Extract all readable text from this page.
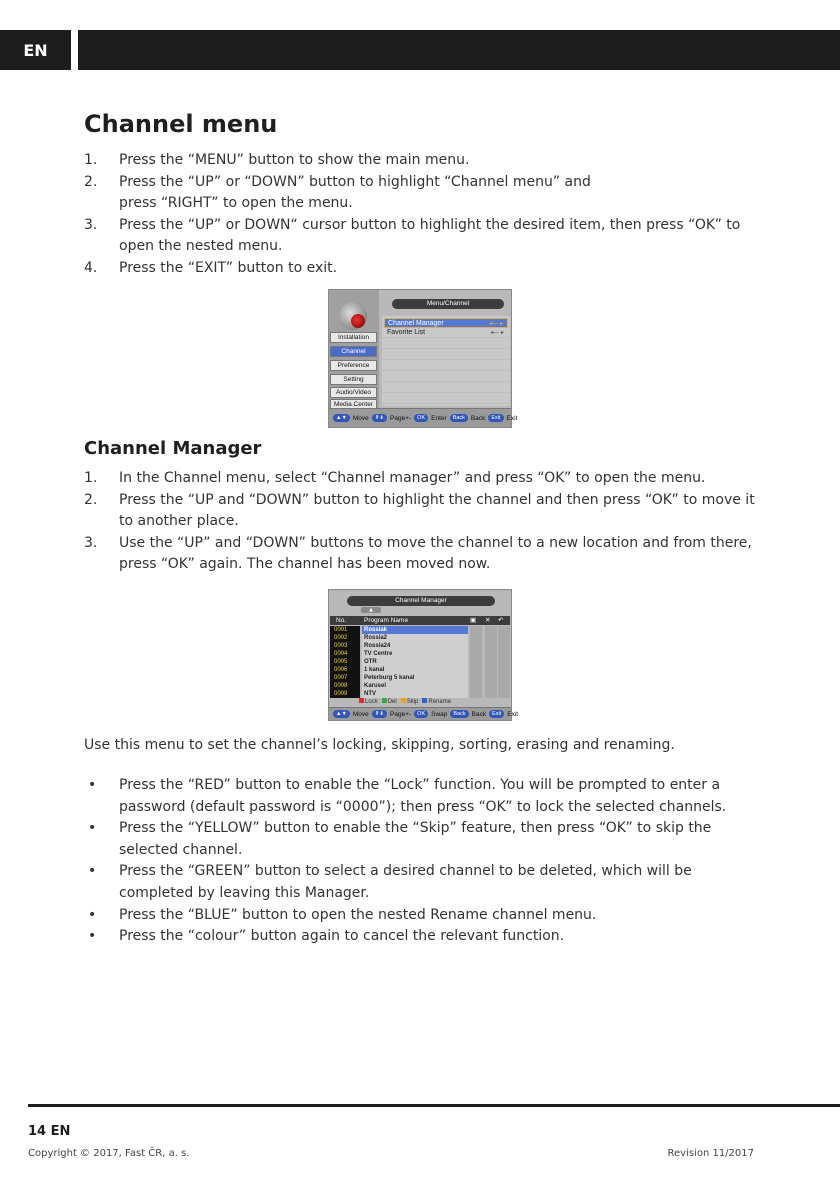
EN
Channel menu
1.	Press the “MENU” button to show the main menu.
2.	Press the “UP” or “DOWN” button to highlight “Channel menu” and press “RIGHT” to open the menu.
3.	Press the “UP” or DOWN“ cursor button to highlight the desired item, then press “OK” to open the nested menu.
4.	Press the “EXIT” button to exit.
Installation
Channel
Preference
Setting
Audio/Video
Media Center
Menu/Channel
Channel Manager	◂— ▸
Favorite List	◂— ▸
▲▼ Move	⇞⇟ Page+-	OK Enter	Back Back	Exit Exit
Channel Manager
1.	In the Channel menu, select “Channel manager” and press “OK” to open the menu.
2.	Press the “UP and “DOWN” button to highlight the channel and then press “OK” to move it to another place.
3.	Use the “UP” and “DOWN” buttons to move the channel to a new location and from there, press “OK” again. The channel has been moved now.
Channel Manager
▲
No.	Program Name	▣ ✕ ↶
0001	Rossiak
0002	Rossia2
0003	Rossia24
0004	TV Centre
0005	OTR
0006	1 kanal
0007	Peterburg 5 kanal
0008	Karusel
0009	NTV
Lock	Del	Skip	Rename
▲▼ Move	⇞⇟ Page+-	OK Swap	Back Back	Exit Exit
Use this menu to set the channel’s locking, skipping, sorting, erasing and renaming.
•	Press the “RED” button to enable the “Lock” function. You will be prompted to enter a password (default password is “0000”); then press “OK” to lock the selected channels.
•	Press the “YELLOW” button to enable the “Skip” feature, then press “OK” to skip the selected channel.
•	Press the “GREEN” button to select a desired channel to be deleted, which will be completed by leaving this Manager.
•	Press the “BLUE” button to open the nested Rename channel menu.
•	Press the “colour” button again to cancel the relevant function.
14 EN
Copyright © 2017, Fast ČR, a. s.	Revision 11/2017
